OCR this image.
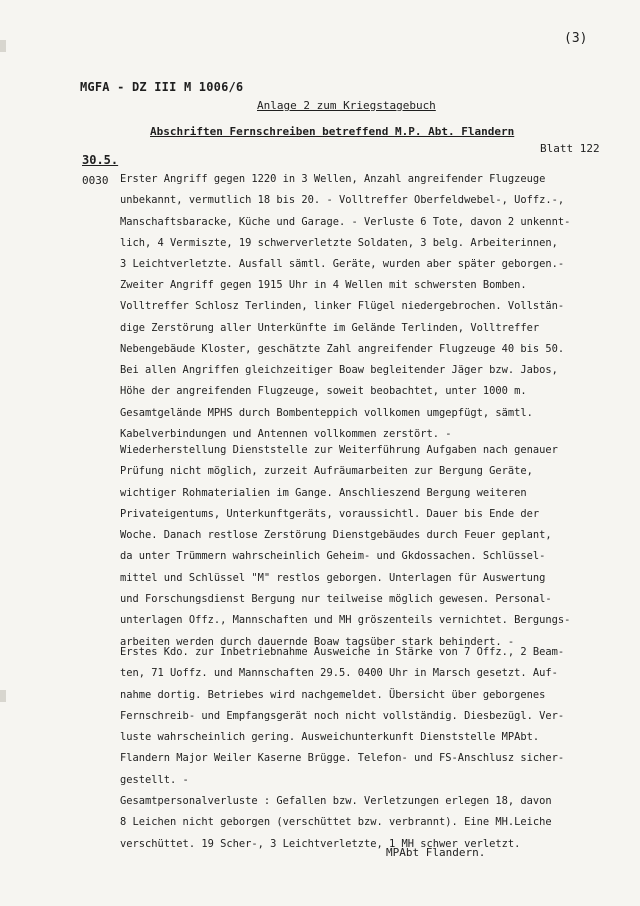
(3)
MGFA - DZ III M 1006/6
Anlage 2 zum Kriegstagebuch
Abschriften Fernschreiben betreffend M.P. Abt. Flandern
Blatt 122
30.5.
0030 Erster Angriff gegen 1220 in 3 Wellen, Anzahl angreifender Flugzeuge
unbekannt, vermutlich 18 bis 20. - Volltreffer Oberfeldwebel-, Uoffz.-,
Manschaftsbaracke, Küche und Garage. - Verluste 6 Tote, davon 2 unkennt-
lich, 4 Vermiszte, 19 schwerverletzte Soldaten, 3 belg. Arbeiterinnen,
3 Leichtverletzte. Ausfall sämtl. Geräte, wurden aber später geborgen.-
Zweiter Angriff gegen 1915 Uhr in 4 Wellen mit schwersten Bomben.
Volltreffer Schlosz Terlinden, linker Flügel niedergebrochen. Vollstän-
dige Zerstörung aller Unterkünfte im Gelände Terlinden, Volltreffer
Nebengebäude Kloster, geschätzte Zahl angreifender Flugzeuge 40 bis 50.
Bei allen Angriffen gleichzeitiger Boaw begleitender Jäger bzw. Jabos,
Höhe der angreifenden Flugzeuge, soweit beobachtet, unter 1000 m.
Gesamtgelände MPHS durch Bombenteppich vollkomen umgepfügt, sämtl.
Kabelverbindungen und Antennen vollkommen zerstört. -
Wiederherstellung Dienststelle zur Weiterführung Aufgaben nach genauer
Prüfung nicht möglich, zurzeit Aufräumarbeiten zur Bergung Geräte,
wichtiger Rohmaterialien im Gange. Anschlieszend Bergung weiteren
Privateigentums, Unterkunftgeräts, voraussichtl. Dauer bis Ende der
Woche. Danach restlose Zerstörung Dienstgebäudes durch Feuer geplant,
da unter Trümmern wahrscheinlich Geheim- und Gkdossachen. Schlüssel-
mittel und Schlüssel "M" restlos geborgen. Unterlagen für Auswertung
und Forschungsdienst Bergung nur teilweise möglich gewesen. Personal-
unterlagen Offz., Mannschaften und MH gröszenteils vernichtet. Bergungs-
arbeiten werden durch dauernde Boaw tagsüber stark behindert. -
Erstes Kdo. zur Inbetriebnahme Ausweiche in Stärke von 7 Offz., 2 Beam-
ten, 71 Uoffz. und Mannschaften 29.5. 0400 Uhr in Marsch gesetzt. Auf-
nahme dortig. Betriebes wird nachgemeldet. Übersicht über geborgenes
Fernschreib- und Empfangsgerät noch nicht vollständig. Diesbezügl. Ver-
luste wahrscheinlich gering. Ausweichunterkunft Dienststelle MPAbt.
Flandern Major Weiler Kaserne Brügge. Telefon- und FS-Anschlusz sicher-
gestellt. -
Gesamtpersonalverluste : Gefallen bzw. Verletzungen erlegen 18, davon
8 Leichen nicht geborgen (verschüttet bzw. verbrannt). Eine MH.Leiche
verschüttet. 19 Scher-, 3 Leichtverletzte, 1 MH schwer verletzt.
MPAbt Flandern.
